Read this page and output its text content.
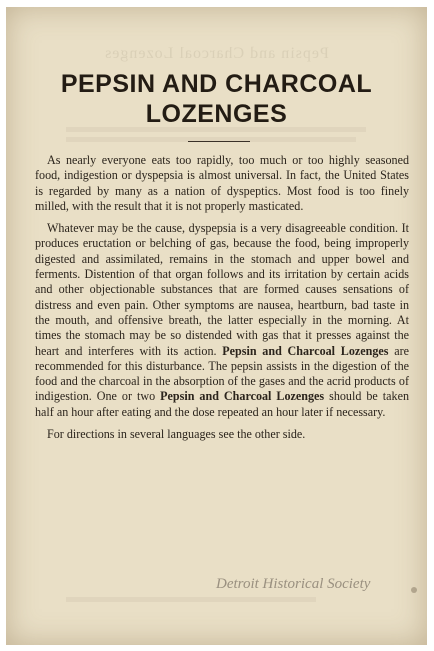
Pepsin and Charcoal Lozenges
PEPSIN AND CHARCOAL
LOZENGES

As nearly everyone eats too rapidly, too much or too highly seasoned food, indigestion or dyspepsia is almost universal. In fact, the United States is regarded by many as a nation of dyspeptics. Most food is too finely milled, with the result that it is not properly masticated.

Whatever may be the cause, dyspepsia is a very disagreeable condition. It produces eructation or belching of gas, because the food, being improperly digested and assimilated, remains in the stomach and upper bowel and ferments. Distention of that organ follows and its irritation by certain acids and other objectionable substances that are formed causes sensations of distress and even pain. Other symptoms are nausea, heartburn, bad taste in the mouth, and offensive breath, the latter especially in the morning. At times the stomach may be so distended with gas that it presses against the heart and interferes with its action. Pepsin and Charcoal Lozenges are recommended for this disturbance. The pepsin assists in the digestion of the food and the charcoal in the absorption of the gases and the acrid products of indigestion. One or two Pepsin and Charcoal Lozenges should be taken half an hour after eating and the dose repeated an hour later if necessary.

For directions in several languages see the other side.

Detroit Historical Society
